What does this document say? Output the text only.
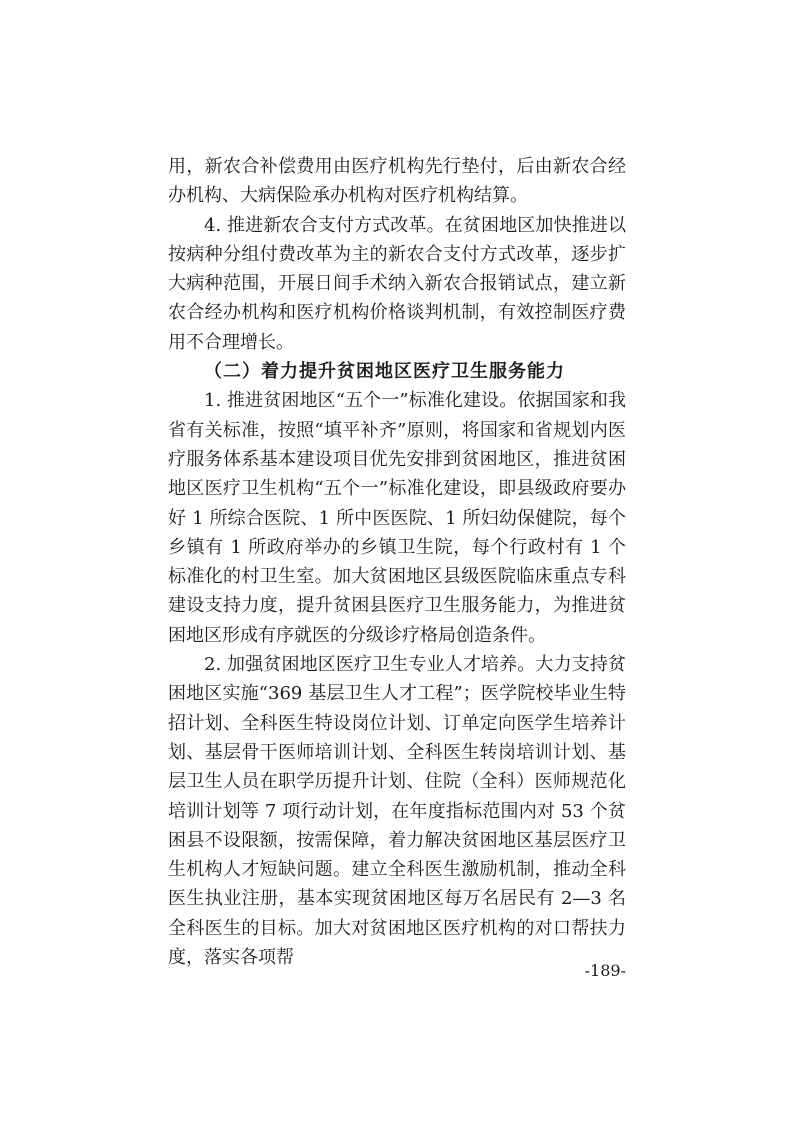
用，新农合补偿费用由医疗机构先行垫付，后由新农合经办机构、大病保险承办机构对医疗机构结算。

4. 推进新农合支付方式改革。在贫困地区加快推进以按病种分组付费改革为主的新农合支付方式改革，逐步扩大病种范围，开展日间手术纳入新农合报销试点，建立新农合经办机构和医疗机构价格谈判机制，有效控制医疗费用不合理增长。

（二）着力提升贫困地区医疗卫生服务能力

1. 推进贫困地区“五个一”标准化建设。依据国家和我省有关标准，按照“填平补齐”原则，将国家和省规划内医疗服务体系基本建设项目优先安排到贫困地区，推进贫困地区医疗卫生机构“五个一”标准化建设，即县级政府要办好 1 所综合医院、1 所中医医院、1 所妇幼保健院，每个乡镇有 1 所政府举办的乡镇卫生院，每个行政村有 1 个标准化的村卫生室。加大贫困地区县级医院临床重点专科建设支持力度，提升贫困县医疗卫生服务能力，为推进贫困地区形成有序就医的分级诊疗格局创造条件。

2. 加强贫困地区医疗卫生专业人才培养。大力支持贫困地区实施“369 基层卫生人才工程”；医学院校毕业生特招计划、全科医生特设岗位计划、订单定向医学生培养计划、基层骨干医师培训计划、全科医生转岗培训计划、基层卫生人员在职学历提升计划、住院（全科）医师规范化培训计划等 7 项行动计划，在年度指标范围内对 53 个贫困县不设限额，按需保障，着力解决贫困地区基层医疗卫生机构人才短缺问题。建立全科医生激励机制，推动全科医生执业注册，基本实现贫困地区每万名居民有 2—3 名全科医生的目标。加大对贫困地区医疗机构的对口帮扶力度，落实各项帮

-189-
